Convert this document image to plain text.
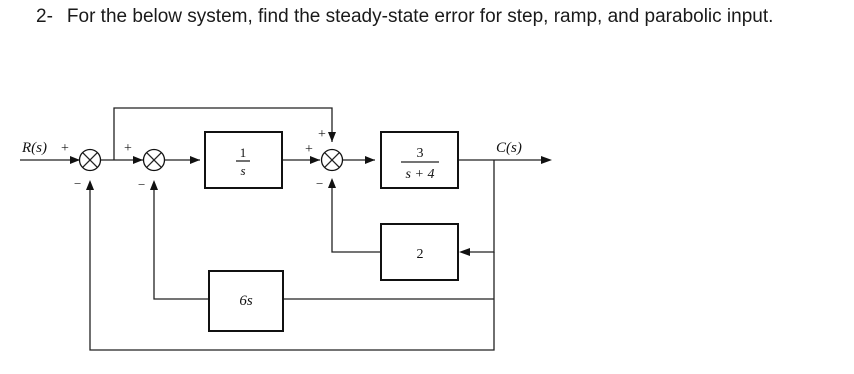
2- For the below system, find the steady-state error for step, ramp, and parabolic input.
1
s
3
s + 4
2
6s
R(s)	C(s)
+
−
+
−
+
+
−
